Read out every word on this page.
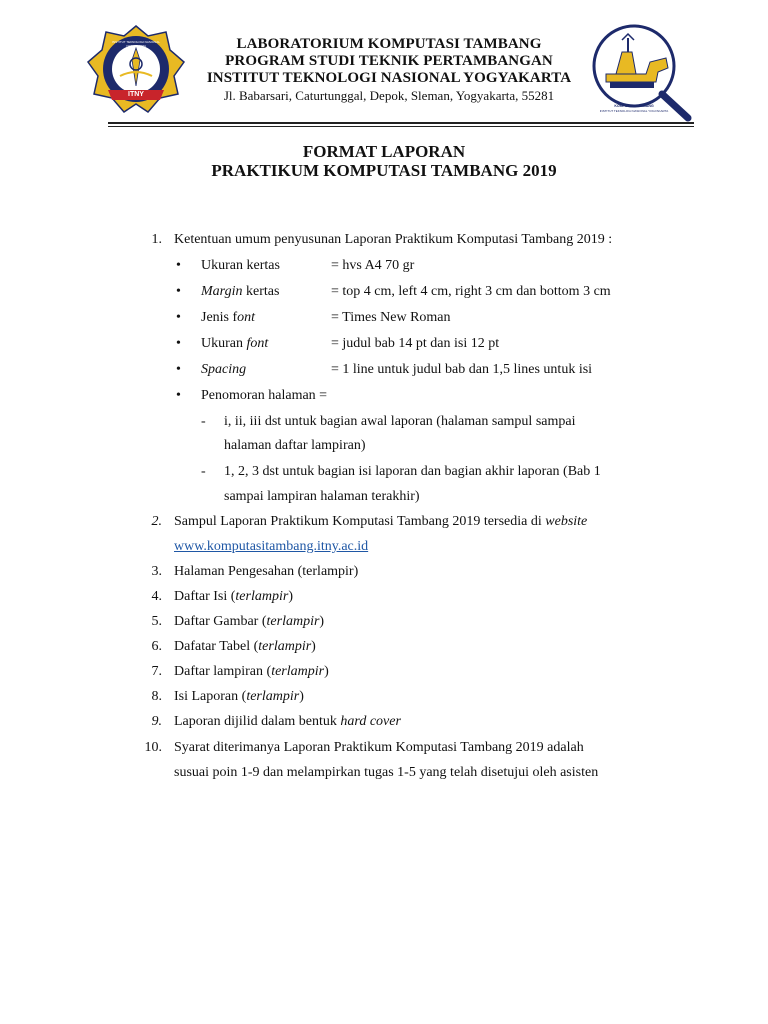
ITNY
INSTITUT TEKNOLOGI NASIONAL YOGYAKARTA	LABORATORIUM KOMPUTASI TAMBANG
PROGRAM STUDI TEKNIK PERTAMBANGAN
INSTITUT TEKNOLOGI NASIONAL YOGYAKARTA
Jl. Babarsari, Caturtunggal, Depok, Sleman, Yogyakarta, 55281
KOMPUTASI TAMBANG
INSTITUT TEKNOLOGI NASIONAL YOGYAKARTA
FORMAT LAPORAN
PRAKTIKUM KOMPUTASI TAMBANG 2019
1. Ketentuan umum penyusunan Laporan Praktikum Komputasi Tambang 2019 :
• Ukuran kertas	= hvs A4 70 gr
• Margin kertas	= top 4 cm, left 4 cm, right 3 cm dan bottom 3 cm
• Jenis font	= Times New Roman
• Ukuran font	= judul bab 14 pt dan isi 12 pt
• Spacing	= 1 line untuk judul bab dan 1,5 lines untuk isi
• Penomoran halaman =
- i, ii, iii dst untuk bagian awal laporan (halaman sampul sampai
halaman daftar lampiran)
- 1, 2, 3 dst untuk bagian isi laporan dan bagian akhir laporan (Bab 1
sampai lampiran halaman terakhir)
2. Sampul Laporan Praktikum Komputasi Tambang 2019 tersedia di website
www.komputasitambang.itny.ac.id
3. Halaman Pengesahan (terlampir)
4. Daftar Isi (terlampir)
5. Daftar Gambar (terlampir)
6. Dafatar Tabel (terlampir)
7. Daftar lampiran (terlampir)
8. Isi Laporan (terlampir)
9. Laporan dijilid dalam bentuk hard cover
10. Syarat diterimanya Laporan Praktikum Komputasi Tambang 2019 adalah
susuai poin 1-9 dan melampirkan tugas 1-5 yang telah disetujui oleh asisten
